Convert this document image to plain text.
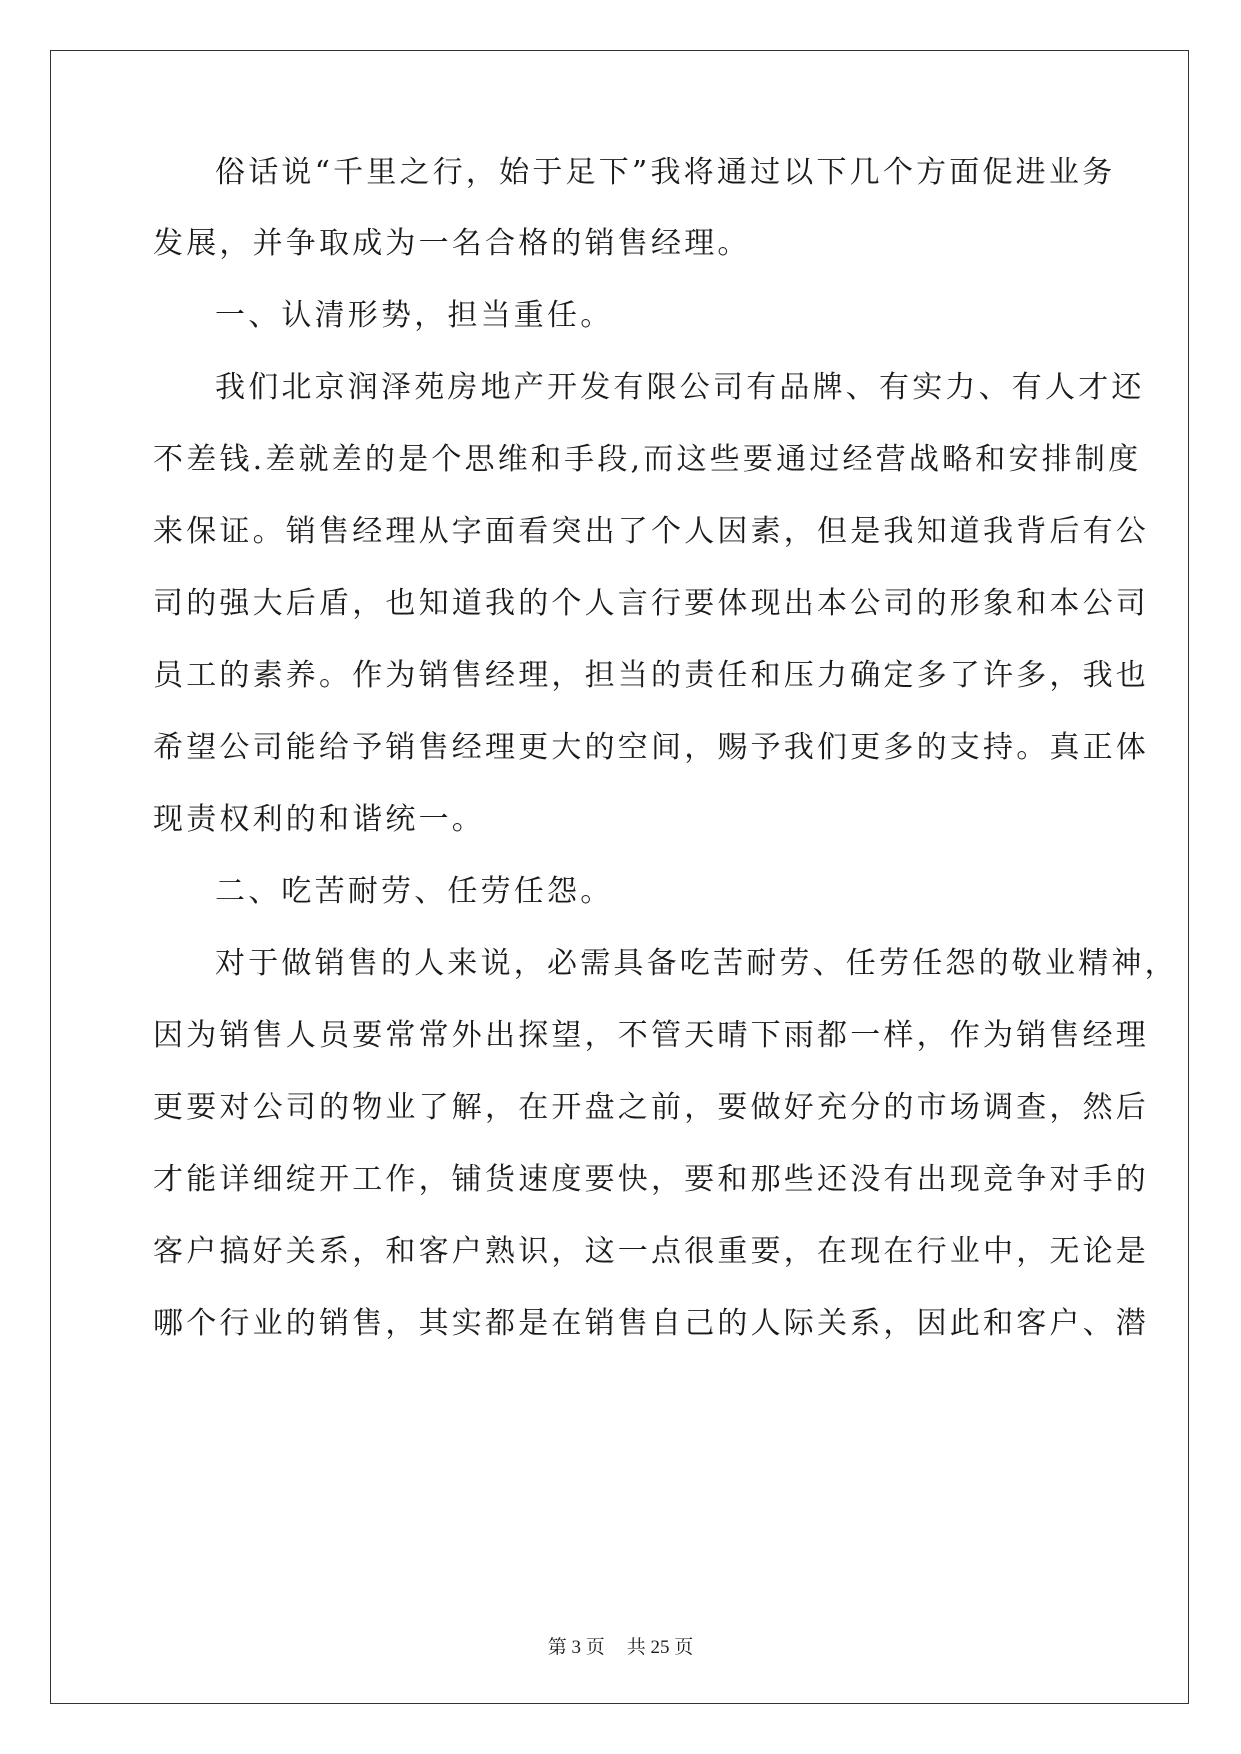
俗话说“千里之行，始于足下”我将通过以下几个方面促进业务
发展，并争取成为一名合格的销售经理。
一、认清形势，担当重任。
我们北京润泽苑房地产开发有限公司有品牌、有实力、有人才还
不差钱.差就差的是个思维和手段,而这些要通过经营战略和安排制度
来保证。销售经理从字面看突出了个人因素，但是我知道我背后有公
司的强大后盾，也知道我的个人言行要体现出本公司的形象和本公司
员工的素养。作为销售经理，担当的责任和压力确定多了许多，我也
希望公司能给予销售经理更大的空间，赐予我们更多的支持。真正体
现责权利的和谐统一。
二、吃苦耐劳、任劳任怨。
对于做销售的人来说，必需具备吃苦耐劳、任劳任怨的敬业精神，
因为销售人员要常常外出探望，不管天晴下雨都一样，作为销售经理
更要对公司的物业了解，在开盘之前，要做好充分的市场调查，然后
才能详细绽开工作，铺货速度要快，要和那些还没有出现竞争对手的
客户搞好关系，和客户熟识，这一点很重要，在现在行业中，无论是
哪个行业的销售，其实都是在销售自己的人际关系，因此和客户、潜
第 3 页 共 25 页
